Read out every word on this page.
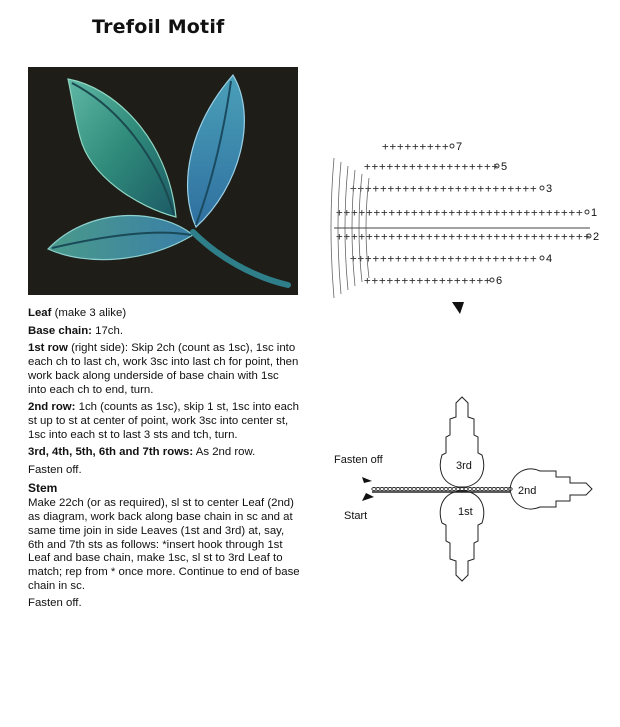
Trefoil Motif

Leaf (make 3 alike)

Base chain: 17ch.

1st row (right side): Skip 2ch (count as 1sc), 1sc into each ch to last ch, work 3sc into last ch for point, then work back along underside of base chain with 1sc into each ch to end, turn.

2nd row: 1ch (counts as 1sc), skip 1 st, 1sc into each st up to st at center of point, work 3sc into center st, 1sc into each st to last 3 sts and tch, turn.

3rd, 4th, 5th, 6th and 7th rows: As 2nd row.

Fasten off.

Stem

Make 22ch (or as required), sl st to center Leaf (2nd) as diagram, work back along base chain in sc and at same time join in side Leaves (1st and 3rd) at, say, 6th and 7th sts as follows: *insert hook through 1st Leaf and base chain, make 1sc, sl st to 3rd Leaf to match; rep from * once more. Continue to end of base chain in sc.

Fasten off.

+ + + + + + + + +
+ + + + + + + + + + + + + + + + + +
+ + + + + + + + + + + + + + + + + + + + + + + + +
+ + + + + + + + + + + + + + + + + + + + + + + + + + + + + + + + +
+ + + + + + + + + + + + + + + + + + + + + + + + + + + + + + + + + +
+ + + + + + + + + + + + + + + + + + + + + + + + +
+ + + + + + + + + + + + + + + + +
7
5
3
1
2
4
6
Fasten off
Start
3rd
2nd
1st
